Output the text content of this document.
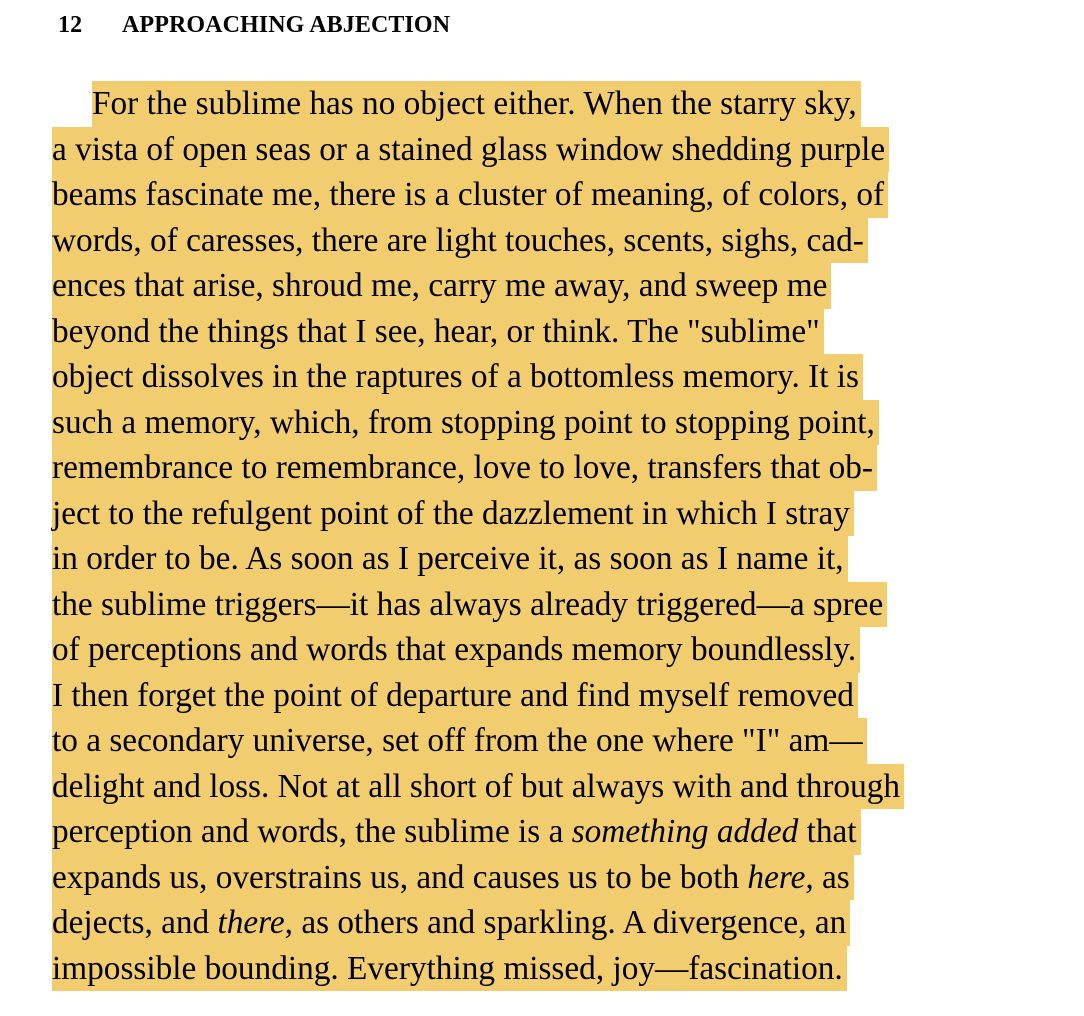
12 APPROACHING ABJECTION
For the sublime has no object either. When the starry sky,
a vista of open seas or a stained glass window shedding purple
beams fascinate me, there is a cluster of meaning, of colors, of
words, of caresses, there are light touches, scents, sighs, cad-
ences that arise, shroud me, carry me away, and sweep me
beyond the things that I see, hear, or think. The "sublime"
object dissolves in the raptures of a bottomless memory. It is
such a memory, which, from stopping point to stopping point,
remembrance to remembrance, love to love, transfers that ob-
ject to the refulgent point of the dazzlement in which I stray
in order to be. As soon as I perceive it, as soon as I name it,
the sublime triggers—it has always already triggered—a spree
of perceptions and words that expands memory boundlessly.
I then forget the point of departure and find myself removed
to a secondary universe, set off from the one where "I" am—
delight and loss. Not at all short of but always with and through
perception and words, the sublime is a something added that
expands us, overstrains us, and causes us to be both here, as
dejects, and there, as others and sparkling. A divergence, an
impossible bounding. Everything missed, joy—fascination.
